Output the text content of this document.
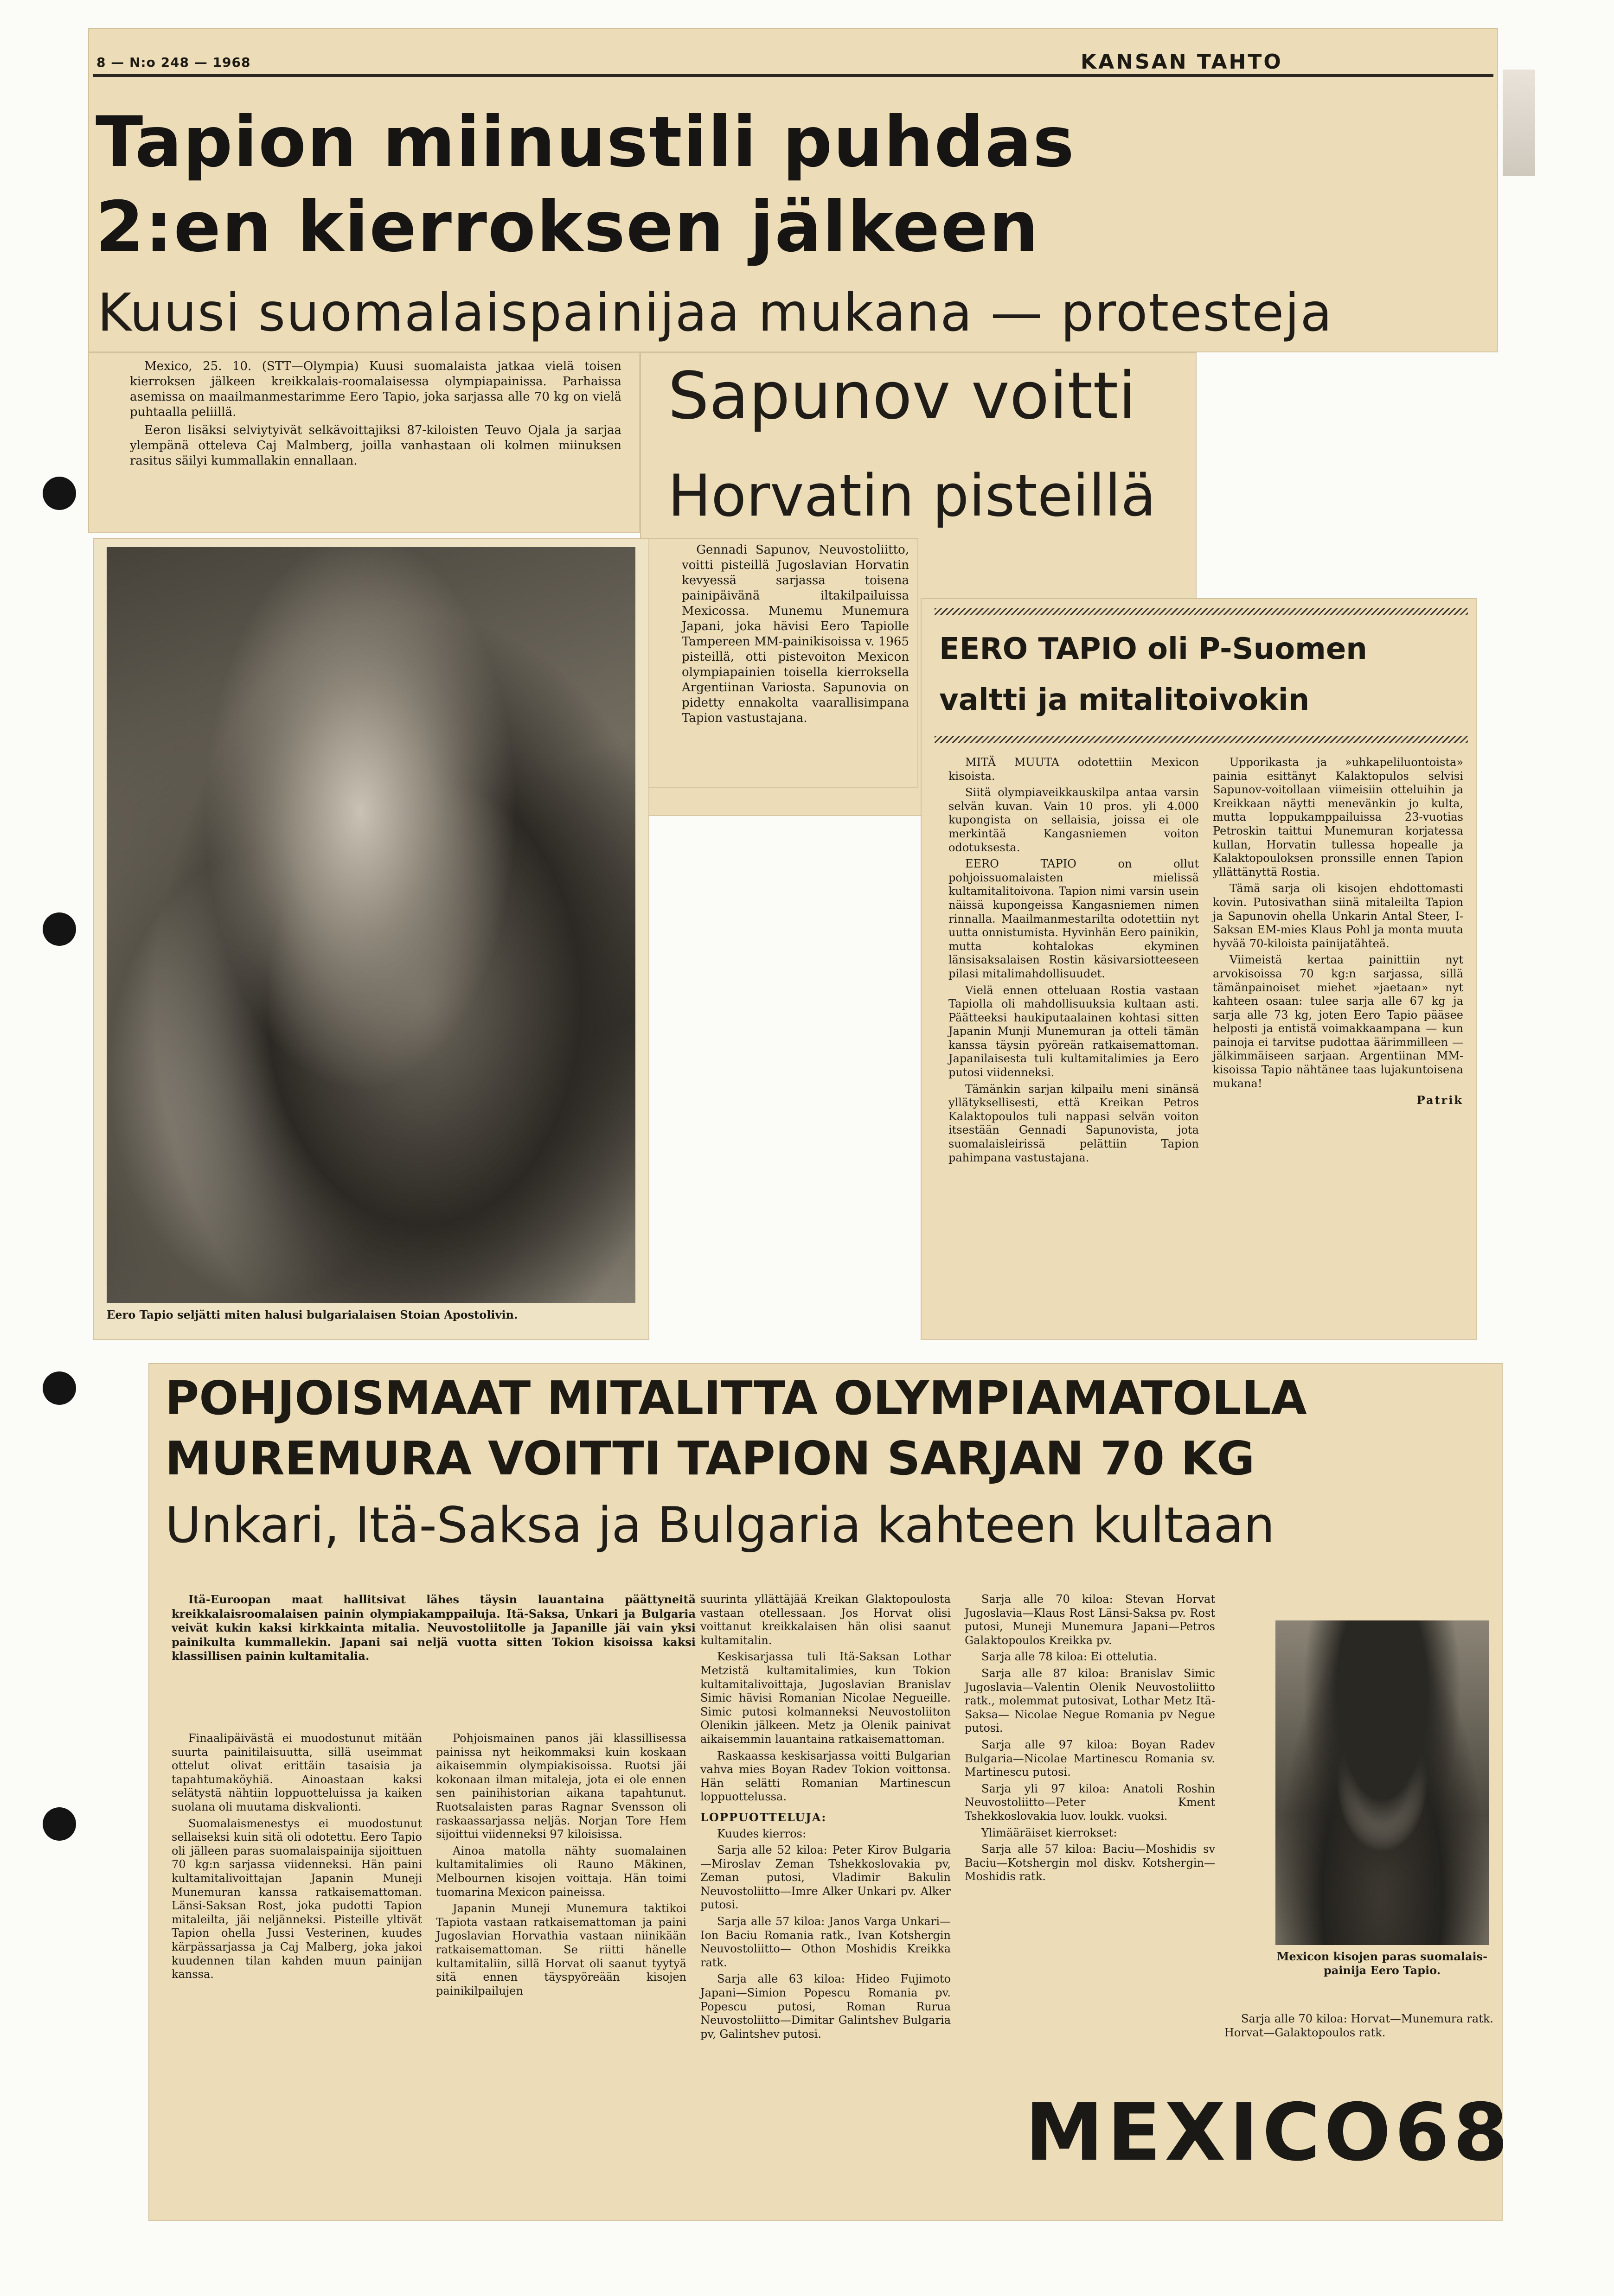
8 — N:o 248 — 1968	KANSAN TAHTO
Tapion miinustili puhdas
2:en kierroksen jälkeen
Kuusi suomalaispainijaa mukana — protesteja

Mexico, 25. 10. (STT—Olympia) Kuusi suomalaista jatkaa vielä toisen kierroksen jälkeen kreikkalais-roomalaisessa olympiapainissa. Parhaissa asemissa on maailmanmestarimme Eero Tapio, joka sarjassa alle 70 kg on vielä puhtaalla peliillä.

Eeron lisäksi selviytyivät selkävoittajiksi 87-kiloisten Teuvo Ojala ja sarjaa ylempänä otteleva Caj Malmberg, joilla vanhastaan oli kolmen miinuksen rasitus säilyi kummallakin ennallaan.

Sapunov voitti
Horvatin pisteillä

Gennadi Sapunov, Neuvostoliitto, voitti pisteillä Jugoslavian Horvatin kevyessä sarjassa toisena painipäivänä iltakilpailuissa Mexicossa. Munemu Munemura Japani, joka hävisi Eero Tapiolle Tampereen MM-painikisoissa v. 1965 pisteillä, otti pistevoiton Mexicon olympiapainien toisella kierroksella Argentiinan Variosta. Sapunovia on pidetty ennakolta vaarallisimpana Tapion vastustajana.

Eero Tapio seljätti miten halusi bulgarialaisen Stoian Apostolivin.
EERO TAPIO oli P-Suomen
valtti ja mitalitoivokin

MITÄ MUUTA odotettiin Mexicon kisoista.

Siitä olympiaveikkauskilpa antaa varsin selvän kuvan. Vain 10 pros. yli 4.000 kupongista on sellaisia, joissa ei ole merkintää Kangasniemen voiton odotuksesta.

EERO TAPIO on ollut pohjoissuomalaisten mielissä kultamitalitoivona. Tapion nimi varsin usein näissä kupongeissa Kangasniemen nimen rinnalla. Maailmanmestarilta odotettiin nyt uutta onnistumista. Hyvinhän Eero painikin, mutta kohtalokas ekyminen länsisaksalaisen Rostin käsivarsiotteeseen pilasi mitalimahdollisuudet.

Vielä ennen otteluaan Rostia vastaan Tapiolla oli mahdollisuuksia kultaan asti. Päätteeksi haukiputaalainen kohtasi sitten Japanin Munji Munemuran ja otteli tämän kanssa täysin pyöreän ratkaisemattoman. Japanilaisesta tuli kultamitalimies ja Eero putosi viidenneksi.

Tämänkin sarjan kilpailu meni sinänsä yllätyksellisesti, että Kreikan Petros Kalaktopoulos tuli nappasi selvän voiton itsestään Gennadi Sapunovista, jota suomalaisleirissä pelättiin Tapion pahimpana vastustajana.

Upporikasta ja »uhkapeliluontoista» painia esittänyt Kalaktopulos selvisi Sapunov-voitollaan viimeisiin otteluihin ja Kreikkaan näytti menevänkin jo kulta, mutta loppukamppailuissa 23-vuotias Petroskin taittui Munemuran korjatessa kullan, Horvatin tullessa hopealle ja Kalaktopouloksen pronssille ennen Tapion yllättänyttä Rostia.

Tämä sarja oli kisojen ehdottomasti kovin. Putosivathan siinä mitaleilta Tapion ja Sapunovin ohella Unkarin Antal Steer, I-Saksan EM-mies Klaus Pohl ja monta muuta hyvää 70-kiloista painijatähteä.

Viimeistä kertaa painittiin nyt arvokisoissa 70 kg:n sarjassa, sillä tämänpainoiset miehet »jaetaan» nyt kahteen osaan: tulee sarja alle 67 kg ja sarja alle 73 kg, joten Eero Tapio pääsee helposti ja entistä voimakkaampana — kun painoja ei tarvitse pudottaa äärimmilleen — jälkimmäiseen sarjaan. Argentiinan MM-kisoissa Tapio nähtänee taas lujakuntoisena mukana!

Patrik

POHJOISMAAT MITALITTA OLYMPIAMATOLLA
MUREMURA VOITTI TAPION SARJAN 70 KG
Unkari, Itä-Saksa ja Bulgaria kahteen kultaan

Itä-Euroopan maat hallitsivat lähes täysin lauantaina päättyneitä kreikkalaisroomalaisen painin olympiakamppailuja. Itä-Saksa, Unkari ja Bulgaria veivät kukin kaksi kirkkainta mitalia. Neuvostoliitolle ja Japanille jäi vain yksi painikulta kummallekin. Japani sai neljä vuotta sitten Tokion kisoissa kaksi klassillisen painin kultamitalia.

Finaalipäivästä ei muodostunut mitään suurta painitilaisuutta, sillä useimmat ottelut olivat erittäin tasaisia ja tapahtumaköyhiä. Ainoastaan kaksi selätystä nähtiin loppuotteluissa ja kaiken suolana oli muutama diskvalionti.

Suomalaismenestys ei muodostunut sellaiseksi kuin sitä oli odotettu. Eero Tapio oli jälleen paras suomalaispainija sijoittuen 70 kg:n sarjassa viidenneksi. Hän paini kultamitalivoittajan Japanin Muneji Munemuran kanssa ratkaisemattoman. Länsi-Saksan Rost, joka pudotti Tapion mitaleilta, jäi neljänneksi. Pisteille yltivät Tapion ohella Jussi Vesterinen, kuudes kärpässarjassa ja Caj Malberg, joka jakoi kuudennen tilan kahden muun painijan kanssa.

Pohjoismainen panos jäi klassillisessa painissa nyt heikommaksi kuin koskaan aikaisemmin olympiakisoissa. Ruotsi jäi kokonaan ilman mitaleja, jota ei ole ennen sen painihistorian aikana tapahtunut. Ruotsalaisten paras Ragnar Svensson oli raskaassarjassa neljäs. Norjan Tore Hem sijoittui viidenneksi 97 kiloisissa.

Ainoa matolla nähty suomalainen kultamitalimies oli Rauno Mäkinen, Melbournen kisojen voittaja. Hän toimi tuomarina Mexicon paineissa.

Japanin Muneji Munemura taktikoi Tapiota vastaan ratkaisemattoman ja paini Jugoslavian Horvathia vastaan niinikään ratkaisemattoman. Se riitti hänelle kultamitaliin, sillä Horvat oli saanut tyytyä sitä ennen täyspyöreään kisojen painikilpailujen

suurinta yllättäjää Kreikan Glaktopoulosta vastaan otellessaan. Jos Horvat olisi voittanut kreikkalaisen hän olisi saanut kultamitalin.

Keskisarjassa tuli Itä-Saksan Lothar Metzistä kultamitalimies, kun Tokion kultamitalivoittaja, Jugoslavian Branislav Simic hävisi Romanian Nicolae Negueille. Simic putosi kolmanneksi Neuvostoliiton Olenikin jälkeen. Metz ja Olenik painivat aikaisemmin lauantaina ratkaisemattoman.

Raskaassa keskisarjassa voitti Bulgarian vahva mies Boyan Radev Tokion voittonsa. Hän selätti Romanian Martinescun loppuottelussa.

LOPPUOTTELUJA:

Kuudes kierros:

Sarja alle 52 kiloa: Peter Kirov Bulgaria—Miroslav Zeman Tshekkoslovakia pv, Zeman putosi, Vladimir Bakulin Neuvostoliitto—Imre Alker Unkari pv. Alker putosi.

Sarja alle 57 kiloa: Janos Varga Unkari—Ion Baciu Romania ratk., Ivan Kotshergin Neuvostoliitto— Othon Moshidis Kreikka ratk.

Sarja alle 63 kiloa: Hideo Fujimoto Japani—Simion Popescu Romania pv. Popescu putosi, Roman Rurua Neuvostoliitto—Dimitar Galintshev Bulgaria pv, Galintshev putosi.

Sarja alle 70 kiloa: Stevan Horvat Jugoslavia—Klaus Rost Länsi-Saksa pv. Rost putosi, Muneji Munemura Japani—Petros Galaktopoulos Kreikka pv.

Sarja alle 78 kiloa: Ei ottelutia.

Sarja alle 87 kiloa: Branislav Simic Jugoslavia—Valentin Olenik Neuvostoliitto ratk., molemmat putosivat, Lothar Metz Itä-Saksa— Nicolae Negue Romania pv Negue putosi.

Sarja alle 97 kiloa: Boyan Radev Bulgaria—Nicolae Martinescu Romania sv. Martinescu putosi.

Sarja yli 97 kiloa: Anatoli Roshin Neuvostoliitto—Peter Kment Tshekkoslovakia luov. loukk. vuoksi.

Ylimääräiset kierrokset:

Sarja alle 57 kiloa: Baciu—Moshidis sv Baciu—Kotshergin mol diskv. Kotshergin—Moshidis ratk.

Mexicon kisojen paras suomalais-

painija Eero Tapio.

Sarja alle 70 kiloa: Horvat—Munemura ratk. Horvat—Galaktopoulos ratk.

MEXICO68
